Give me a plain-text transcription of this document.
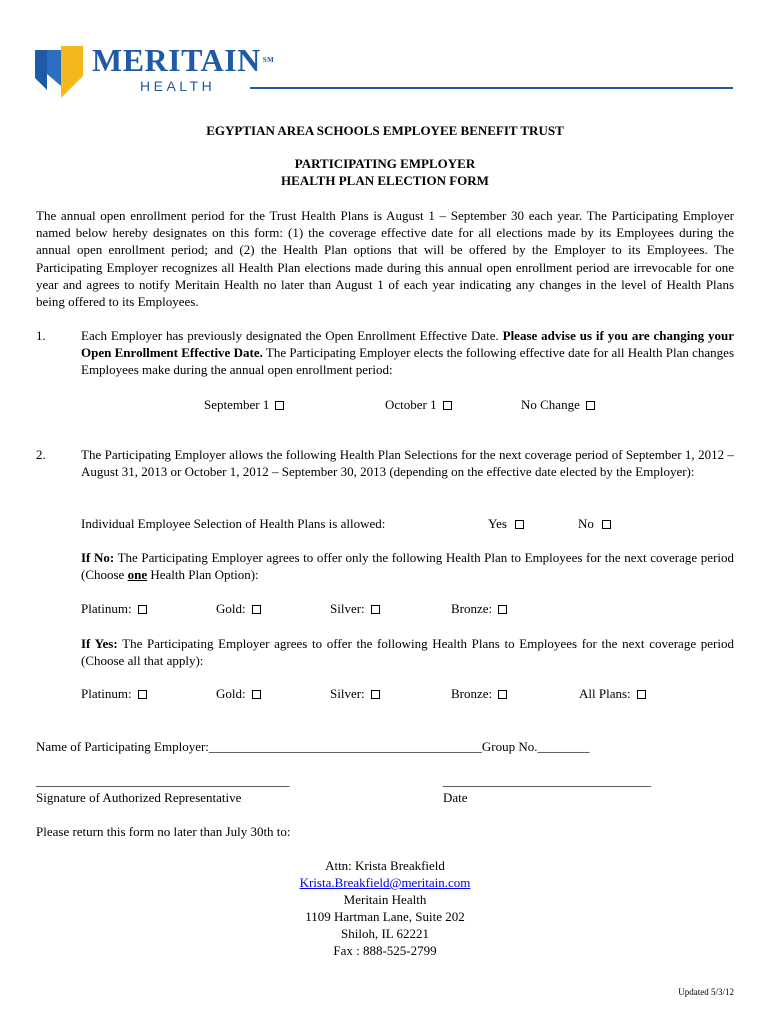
MERITAIN ℠
HEALTH
EGYPTIAN AREA SCHOOLS EMPLOYEE BENEFIT TRUST
PARTICIPATING EMPLOYER
HEALTH PLAN ELECTION FORM
The annual open enrollment period for the Trust Health Plans is August 1 – September 30 each year. The Participating Employer named below hereby designates on this form: (1) the coverage effective date for all elections made by its Employees during the annual open enrollment period; and (2) the Health Plan options that will be offered by the Employer to its Employees. The Participating Employer recognizes all Health Plan elections made during this annual open enrollment period are irrevocable for one year and agrees to notify Meritain Health no later than August 1 of each year indicating any changes in the level of Health Plans being offered to its Employees.
1.	Each Employer has previously designated the Open Enrollment Effective Date. Please advise us if you are changing your Open Enrollment Effective Date. The Participating Employer elects the following effective date for all Health Plan changes Employees make during the annual open enrollment period:
September 1	October 1	No Change
2.	The Participating Employer allows the following Health Plan Selections for the next coverage period of September 1, 2012 – August 31, 2013 or October 1, 2012 – September 30, 2013 (depending on the effective date elected by the Employer):
Individual Employee Selection of Health Plans is allowed:	Yes	No
If No: The Participating Employer agrees to offer only the following Health Plan to Employees for the next coverage period (Choose one Health Plan Option):
Platinum:	Gold:	Silver:	Bronze:
If Yes: The Participating Employer agrees to offer the following Health Plans to Employees for the next coverage period (Choose all that apply):
Platinum:	Gold:	Silver:	Bronze:	All Plans:
Name of Participating Employer:__________________________________________Group No.________
_______________________________________	________________________________
Signature of Authorized Representative	Date
Please return this form no later than July 30th to:
Attn: Krista Breakfield
Krista.Breakfield@meritain.com
Meritain Health
1109 Hartman Lane, Suite 202
Shiloh, IL 62221
Fax : 888-525-2799
Updated 5/3/12
